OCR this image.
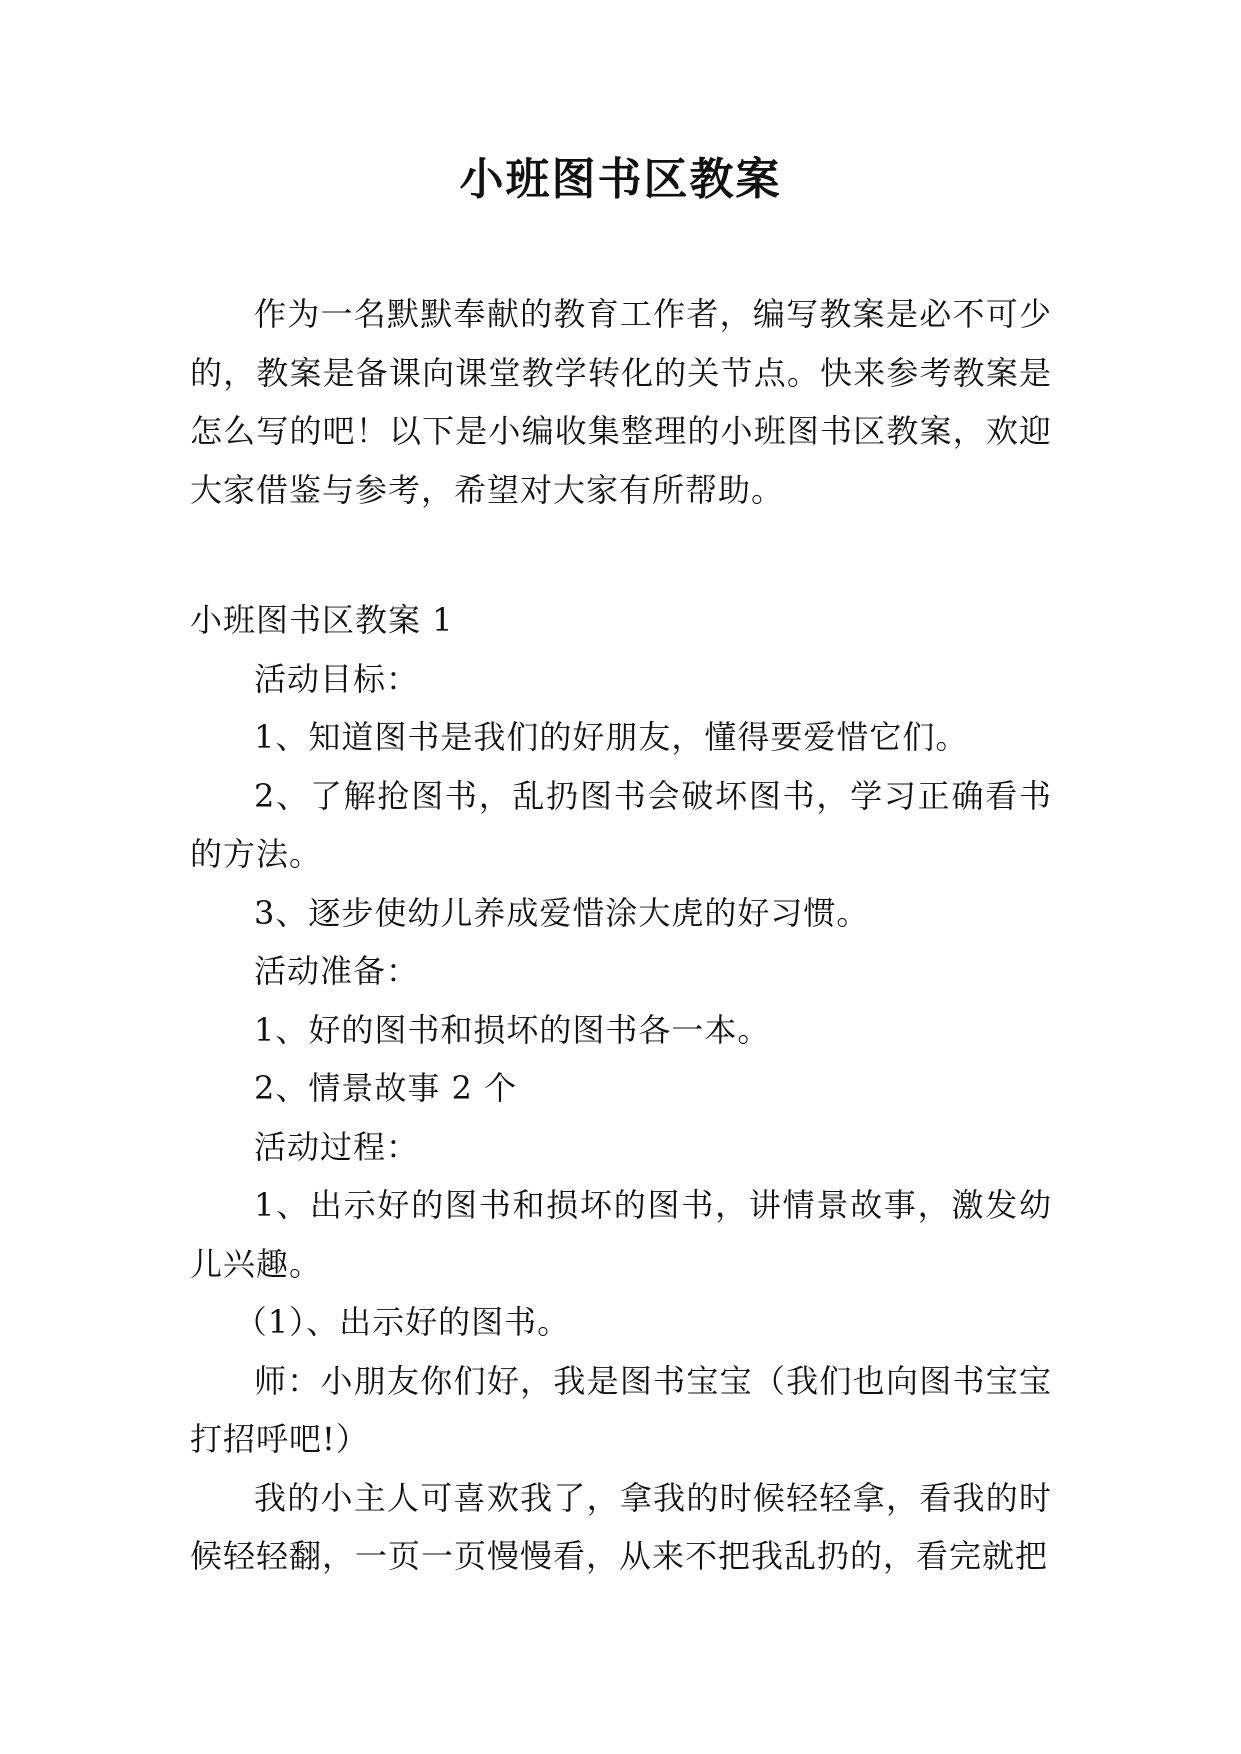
小班图书区教案

作为一名默默奉献的教育工作者，编写教案是必不可少的，教案是备课向课堂教学转化的关节点。快来参考教案是怎么写的吧！以下是小编收集整理的小班图书区教案，欢迎大家借鉴与参考，希望对大家有所帮助。

小班图书区教案 1

活动目标：

1、知道图书是我们的好朋友，懂得要爱惜它们。

2、了解抢图书，乱扔图书会破坏图书，学习正确看书的方法。

3、逐步使幼儿养成爱惜涂大虎的好习惯。

活动准备：

1、好的图书和损坏的图书各一本。

2、情景故事 2 个

活动过程：

1、出示好的图书和损坏的图书，讲情景故事，激发幼儿兴趣。

（1）、出示好的图书。

师：小朋友你们好，我是图书宝宝（我们也向图书宝宝打招呼吧!）

我的小主人可喜欢我了，拿我的时候轻轻拿，看我的时候轻轻翻，一页一页慢慢看，从来不把我乱扔的，看完就把
